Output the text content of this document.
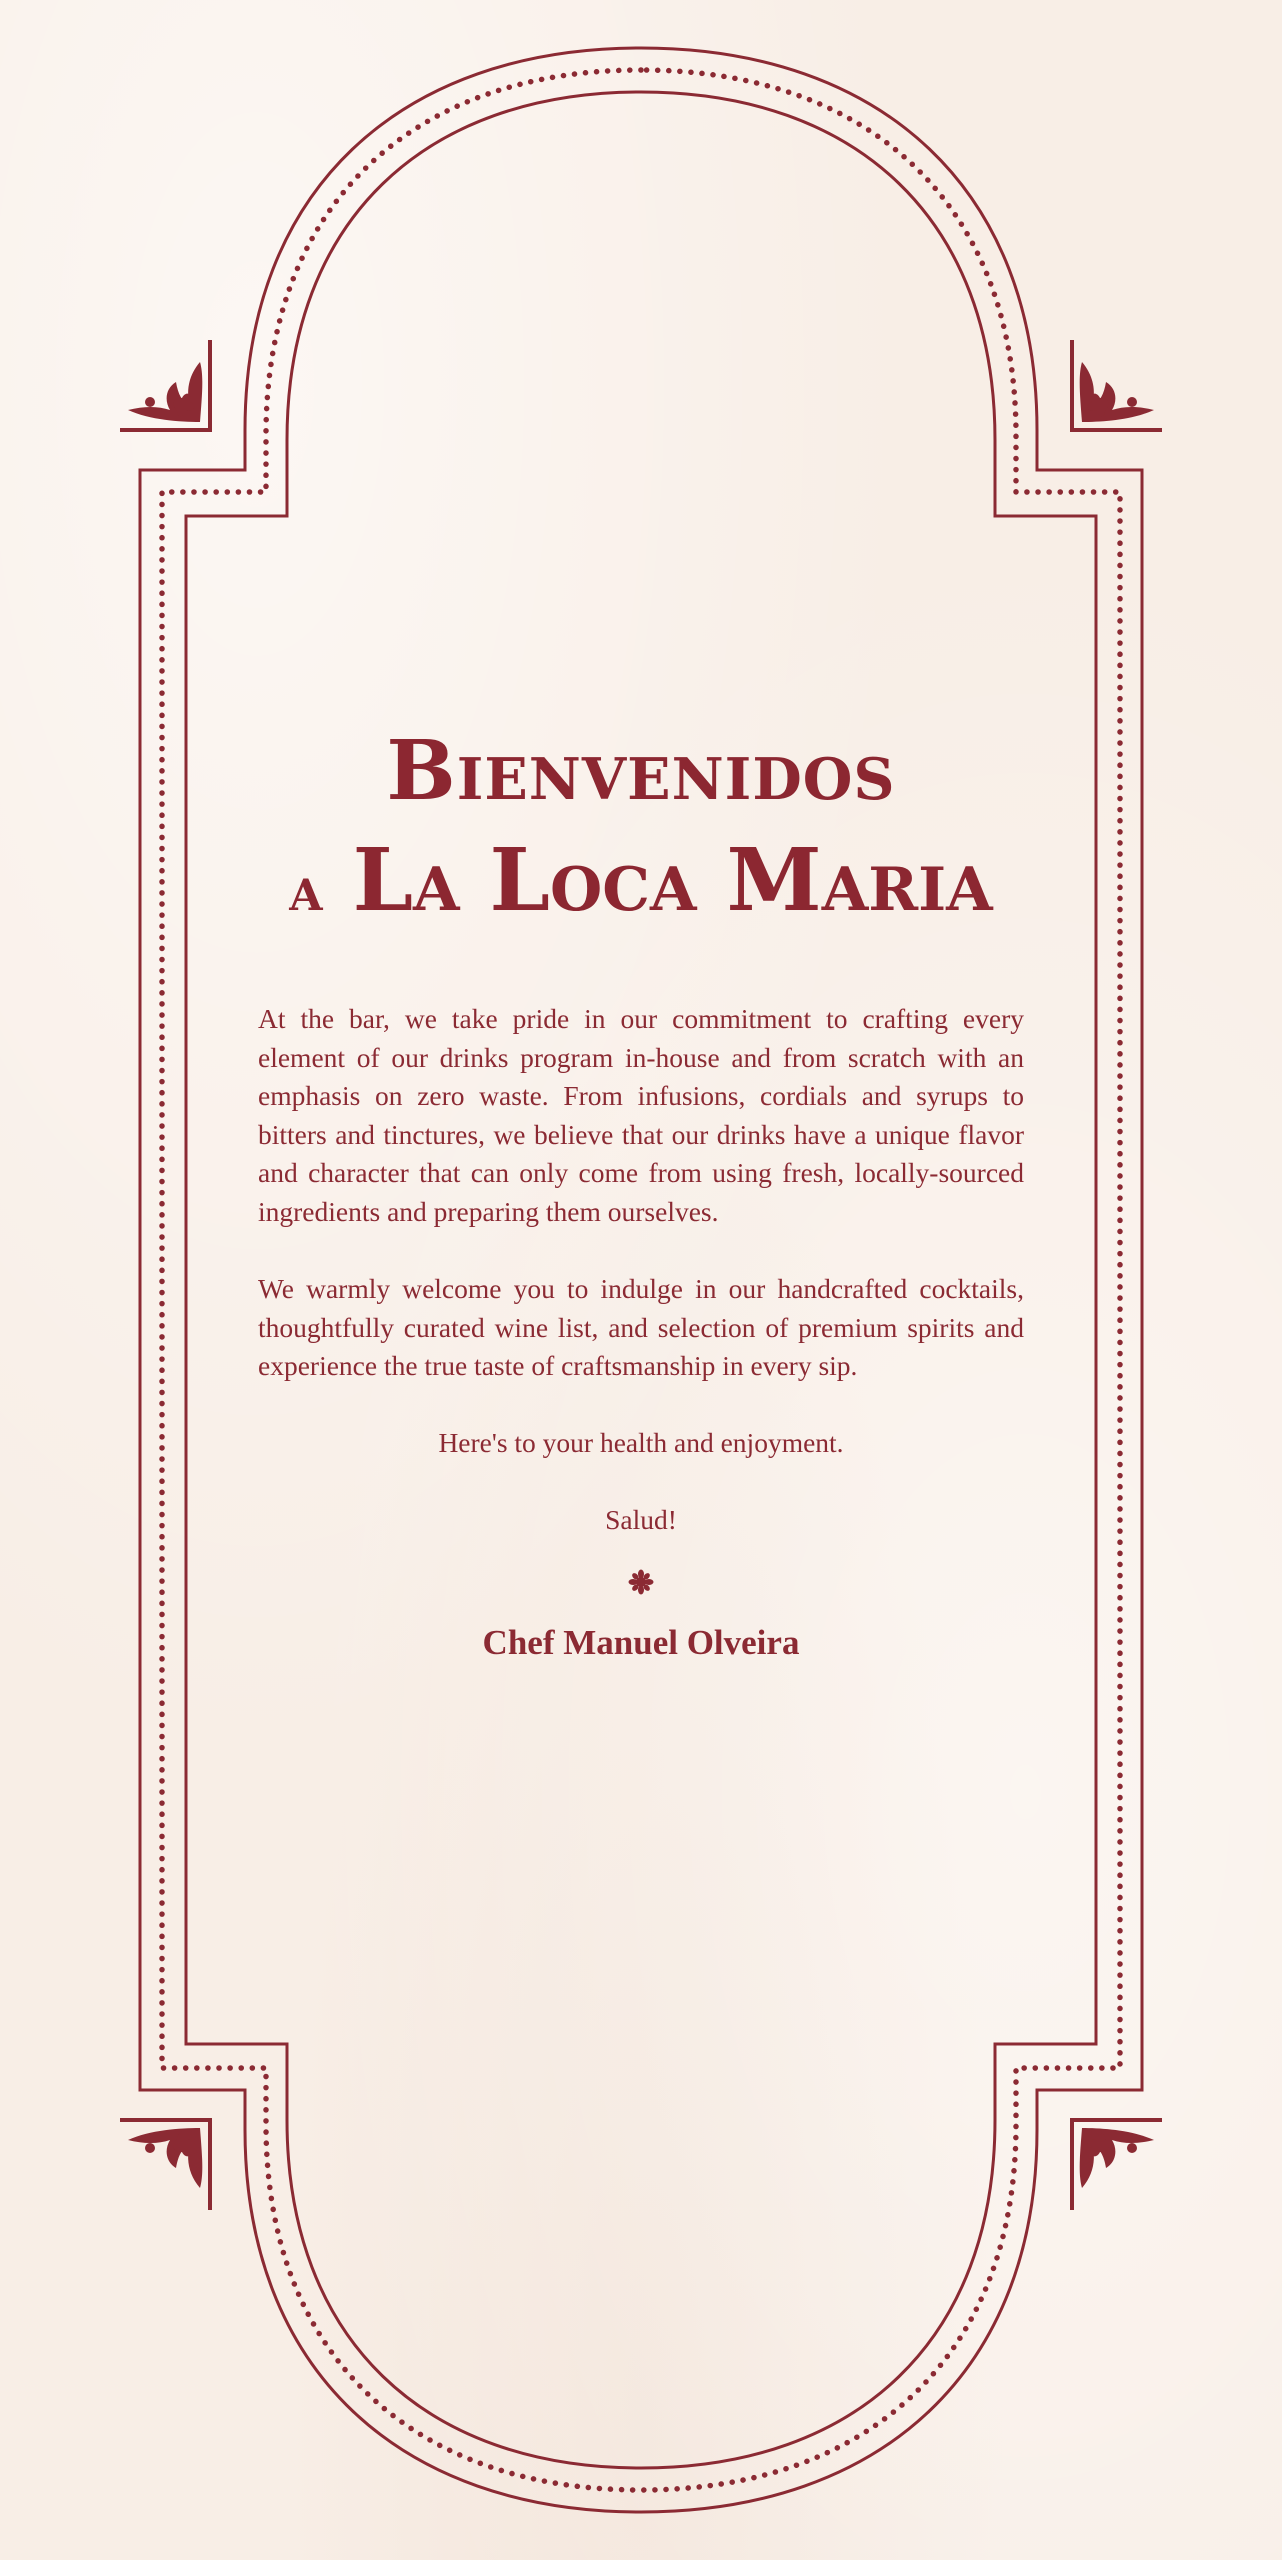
Bienvenidos
a La Loca Maria

At the bar, we take pride in our commitment to crafting every element of our drinks program in-house and from scratch with an emphasis on zero waste. From infusions, cordials and syrups to bitters and tinctures, we believe that our drinks have a unique flavor and character that can only come from using fresh, locally-sourced ingredients and preparing them ourselves.

We warmly welcome you to indulge in our handcrafted cocktails, thoughtfully curated wine list, and selection of premium spirits and experience the true taste of craftsmanship in every sip.

Here's to your health and enjoyment.

Salud!

Chef Manuel Olveira
